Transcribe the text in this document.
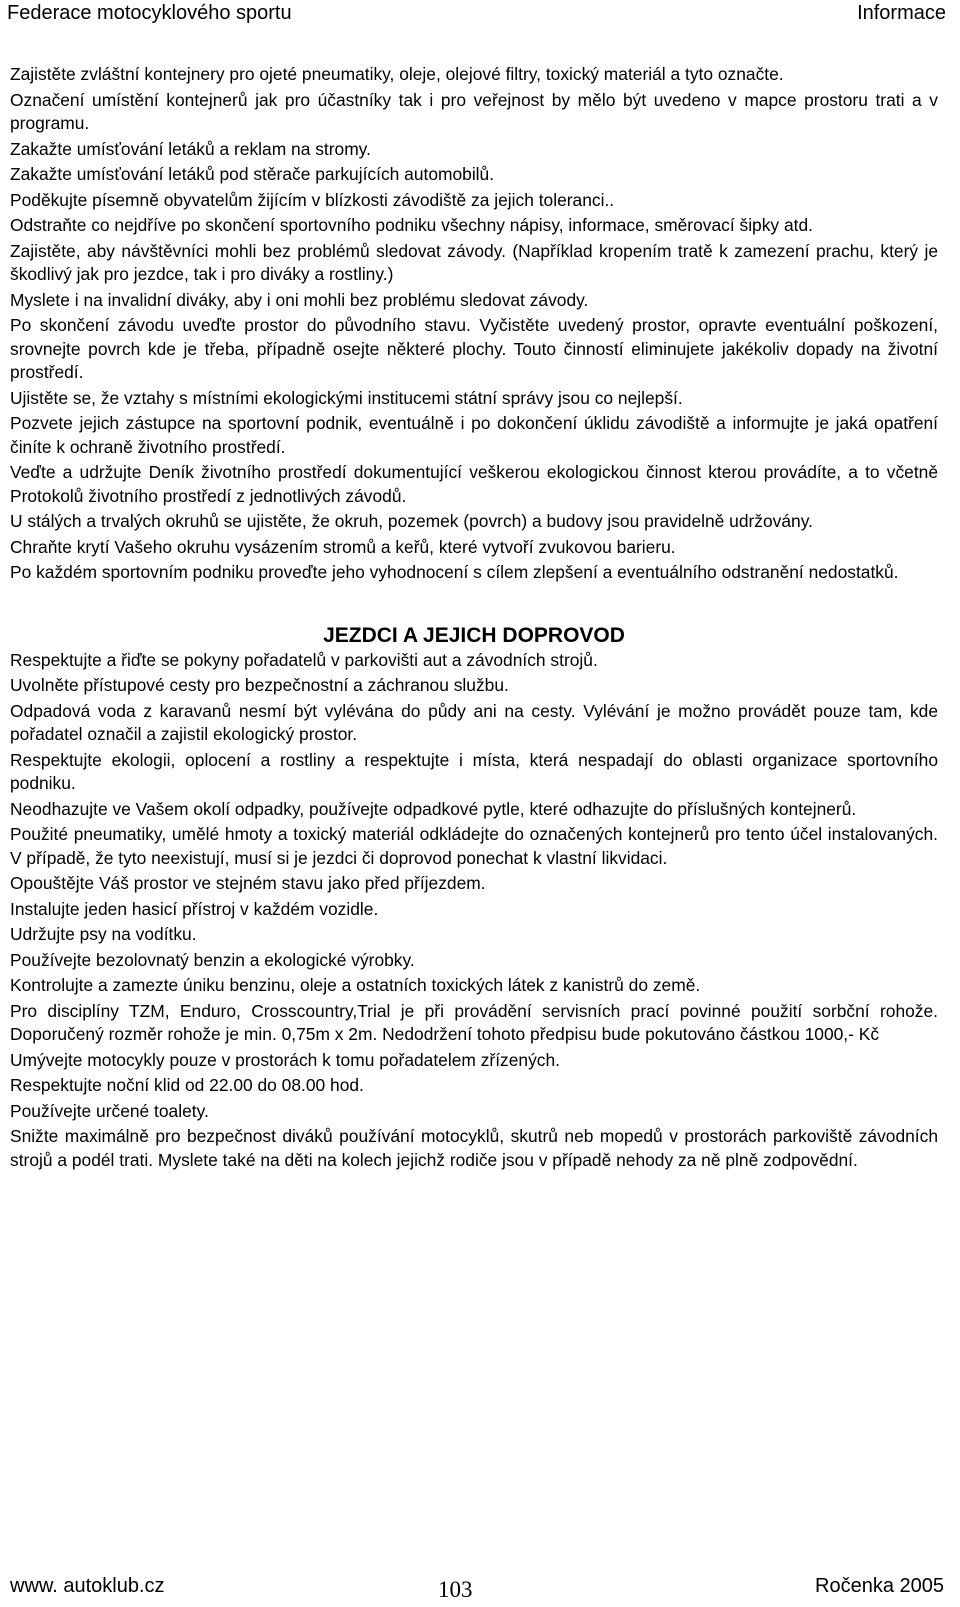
Federace motocyklového sportu	Informace

Zajistěte zvláštní kontejnery pro ojeté pneumatiky, oleje, olejové filtry, toxický materiál a tyto označte.

Označení umístění kontejnerů jak pro účastníky tak i pro veřejnost by mělo být uvedeno v mapce prostoru trati a v programu.

Zakažte umísťování letáků a reklam na stromy.

Zakažte umísťování letáků pod stěrače parkujících automobilů.

Poděkujte písemně obyvatelům žijícím v blízkosti závodiště za jejich toleranci..

Odstraňte co nejdříve po skončení sportovního podniku všechny nápisy, informace, směrovací šipky atd.

Zajistěte, aby návštěvníci mohli bez problémů sledovat závody. (Například kropením tratě k zamezení prachu, který je škodlivý jak pro jezdce, tak i pro diváky a rostliny.)

Myslete i na invalidní diváky, aby i oni mohli bez problému sledovat závody.

Po skončení závodu uveďte prostor do původního stavu. Vyčistěte uvedený prostor, opravte eventuální poškození, srovnejte povrch kde je třeba, případně osejte některé plochy. Touto činností eliminujete jakékoliv dopady na životní prostředí.

Ujistěte se, že vztahy s místními ekologickými institucemi státní správy jsou co nejlepší.

Pozvete jejich zástupce na sportovní podnik, eventuálně i po dokončení úklidu závodiště a informujte je jaká opatření činíte k ochraně životního prostředí.

Veďte a udržujte Deník životního prostředí dokumentující veškerou ekologickou činnost kterou provádíte, a to včetně Protokolů životního prostředí z jednotlivých závodů.

U stálých a trvalých okruhů se ujistěte, že okruh, pozemek (povrch) a budovy jsou pravidelně udržovány.

Chraňte krytí Vašeho okruhu vysázením stromů a keřů, které vytvoří zvukovou barieru.

Po každém sportovním podniku proveďte jeho vyhodnocení s cílem zlepšení a eventuálního odstranění nedostatků.

JEZDCI A JEJICH DOPROVOD

Respektujte a řiďte se pokyny pořadatelů v parkovišti aut a závodních strojů.

Uvolněte přístupové cesty pro bezpečnostní a záchranou službu.

Odpadová voda z karavanů nesmí být vylévána do půdy ani na cesty. Vylévání je možno provádět pouze tam, kde pořadatel označil a zajistil ekologický prostor.

Respektujte ekologii, oplocení a rostliny a respektujte i místa, která nespadají do oblasti organizace sportovního podniku.

Neodhazujte ve Vašem okolí odpadky, používejte odpadkové pytle, které odhazujte do příslušných kontejnerů.

Použité pneumatiky, umělé hmoty a toxický materiál odkládejte do označených kontejnerů pro tento účel instalovaných. V případě, že tyto neexistují, musí si je jezdci či doprovod ponechat k vlastní likvidaci.

Opouštějte Váš prostor ve stejném stavu jako před příjezdem.

Instalujte jeden hasicí přístroj v každém vozidle.

Udržujte psy na vodítku.

Používejte bezolovnatý benzin a ekologické výrobky.

Kontrolujte a zamezte úniku benzinu, oleje a ostatních toxických látek z kanistrů do země.

Pro disciplíny TZM, Enduro, Crosscountry,Trial je při provádění servisních prací povinné použití sorbční rohože. Doporučený rozměr rohože je min. 0,75m x 2m. Nedodržení tohoto předpisu bude pokutováno částkou 1000,- Kč

Umývejte motocykly pouze v prostorách k tomu pořadatelem zřízených.

Respektujte noční klid od 22.00 do 08.00 hod.

Používejte určené toalety.

Snižte maximálně pro bezpečnost diváků používání motocyklů, skutrů neb mopedů v prostorách parkoviště závodních strojů a podél trati. Myslete také na děti na kolech jejichž rodiče jsou v případě nehody za ně plně zodpovědní.

www. autoklub.cz	103	Ročenka 2005
